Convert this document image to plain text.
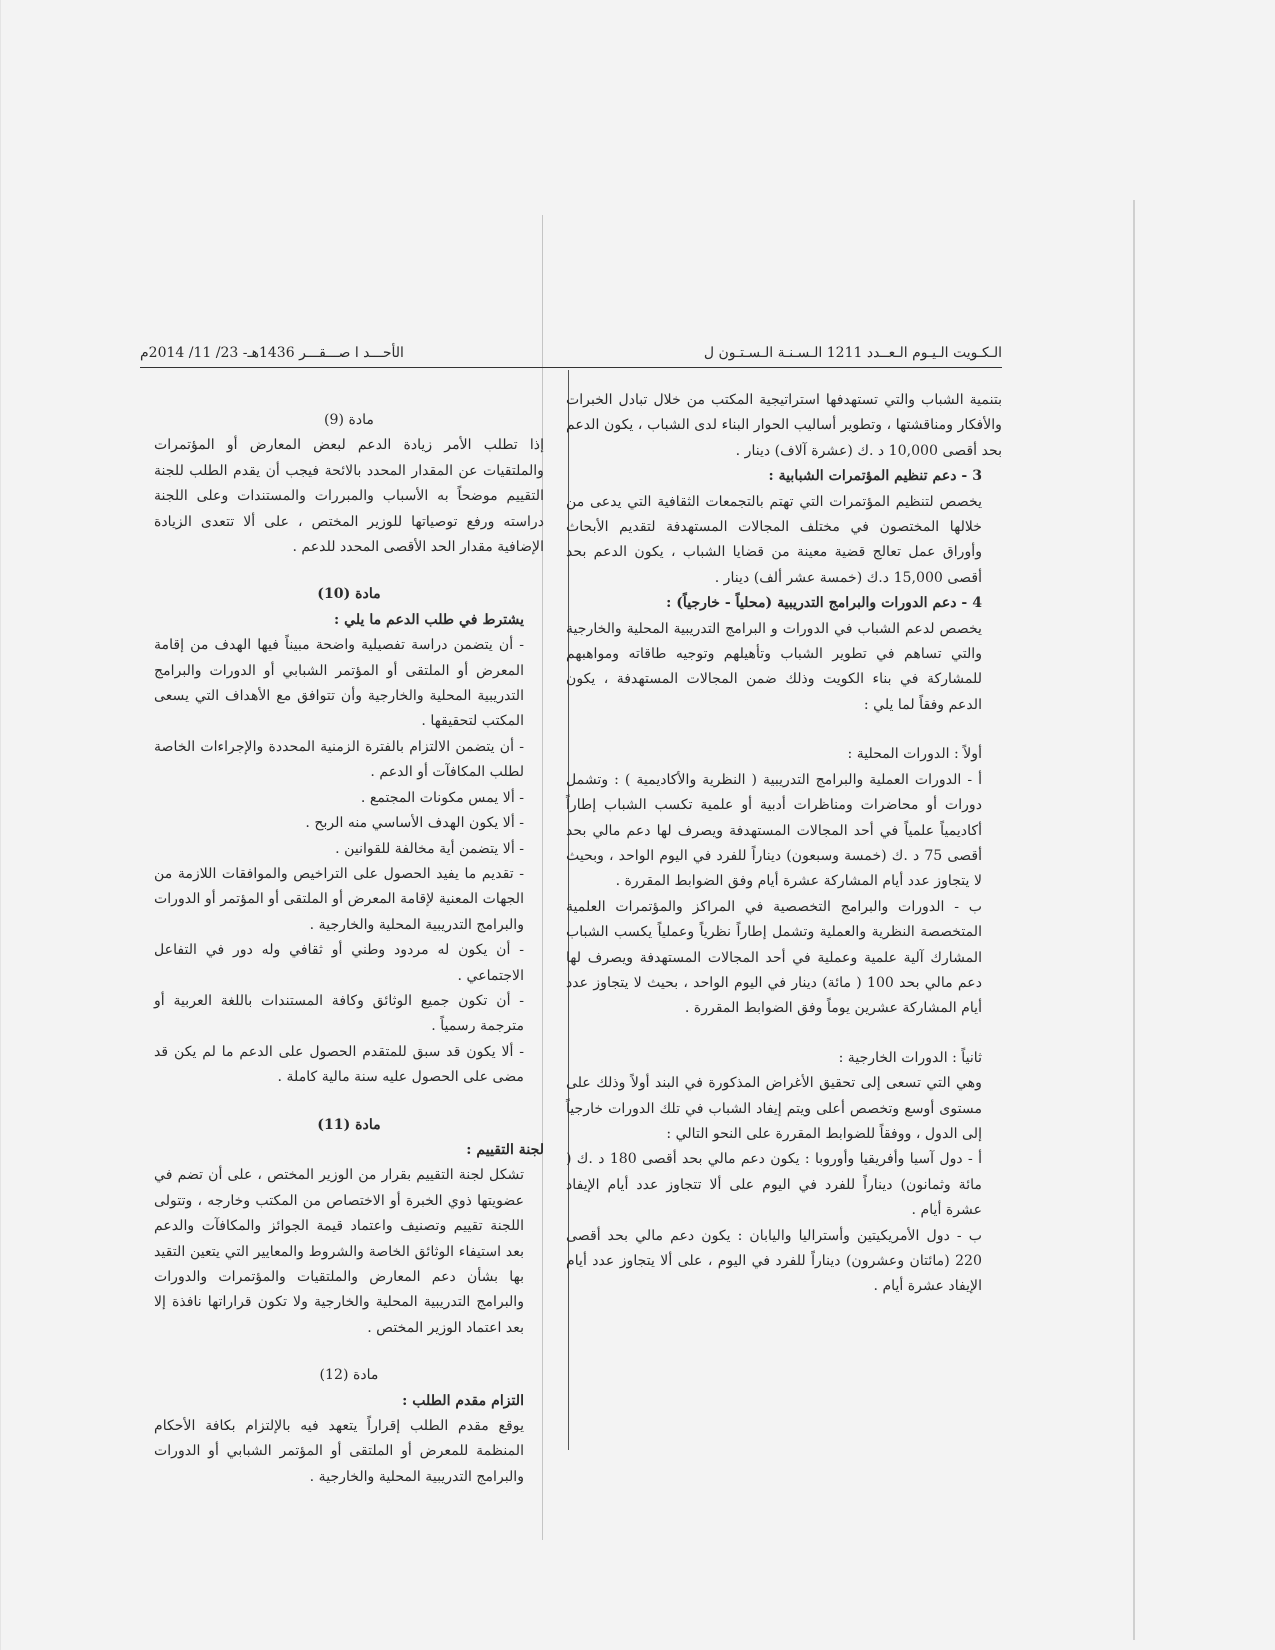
الـكـويت الـيـوم الـعــدد 1211 الـسـنـة الـسـتـون ل
الأحـــد ا صـــقـــر 1436هـ- 23/ 11/ 2014م

بتنمية الشباب والتي تستهدفها استراتيجية المكتب من خلال تبادل الخبرات والأفكار ومناقشتها ، وتطوير أساليب الحوار البناء لدى الشباب ، يكون الدعم بحد أقصى 10,000 د .ك (عشرة آلاف) دينار .

3 - دعم تنظيم المؤتمرات الشبابية :

يخصص لتنظيم المؤتمرات التي تهتم بالتجمعات الثقافية التي يدعى من خلالها المختصون في مختلف المجالات المستهدفة لتقديم الأبحاث وأوراق عمل تعالج قضية معينة من قضايا الشباب ، يكون الدعم بحد أقصى 15,000 د.ك (خمسة عشر ألف) دينار .

4 - دعم الدورات والبرامج التدريبية (محلياً - خارجياً) :

يخصص لدعم الشباب في الدورات و البرامج التدريبية المحلية والخارجية والتي تساهم في تطوير الشباب وتأهيلهم وتوجيه طاقاته ومواهبهم للمشاركة في بناء الكويت وذلك ضمن المجالات المستهدفة ، يكون الدعم وفقاً لما يلي :

أولاً : الدورات المحلية :

أ - الدورات العملية والبرامج التدريبية ( النظرية والأكاديمية ) : وتشمل دورات أو محاضرات ومناظرات أدبية أو علمية تكسب الشباب إطاراً أكاديمياً علمياً في أحد المجالات المستهدفة ويصرف لها دعم مالي بحد أقصى 75 د .ك (خمسة وسبعون) ديناراً للفرد في اليوم الواحد ، وبحيث لا يتجاوز عدد أيام المشاركة عشرة أيام وفق الضوابط المقررة .

ب - الدورات والبرامج التخصصية في المراكز والمؤتمرات العلمية المتخصصة النظرية والعملية وتشمل إطاراً نظرياً وعملياً يكسب الشباب المشارك آلية علمية وعملية في أحد المجالات المستهدفة ويصرف لها دعم مالي بحد 100 ( مائة) دينار في اليوم الواحد ، بحيث لا يتجاوز عدد أيام المشاركة عشرين يوماً وفق الضوابط المقررة .

ثانياً : الدورات الخارجية :

وهي التي تسعى إلى تحقيق الأغراض المذكورة في البند أولاً وذلك على مستوى أوسع وتخصص أعلى ويتم إيفاد الشباب في تلك الدورات خارجياً إلى الدول ، ووفقاً للضوابط المقررة على النحو التالي :

أ - دول آسيا وأفريقيا وأوروبا : يكون دعم مالي بحد أقصى 180 د .ك ( مائة وثمانون) ديناراً للفرد في اليوم على ألا تتجاوز عدد أيام الإيفاد عشرة أيام .

ب - دول الأمريكيتين وأستراليا واليابان : يكون دعم مالي بحد أقصى 220 (مائتان وعشرون) ديناراً للفرد في اليوم ، على ألا يتجاوز عدد أيام الإيفاد عشرة أيام .

مادة (9)

إذا تطلب الأمر زيادة الدعم لبعض المعارض أو المؤتمرات والملتقيات عن المقدار المحدد بالائحة فيجب أن يقدم الطلب للجنة التقييم موضحاً به الأسباب والمبررات والمستندات وعلى اللجنة دراسته ورفع توصياتها للوزير المختص ، على ألا تتعدى الزيادة الإضافية مقدار الحد الأقصى المحدد للدعم .

مادة (10)

يشترط في طلب الدعم ما يلي :

- أن يتضمن دراسة تفصيلية واضحة مبيناً فيها الهدف من إقامة المعرض أو الملتقى أو المؤتمر الشبابي أو الدورات والبرامج التدريبية المحلية والخارجية وأن تتوافق مع الأهداف التي يسعى المكتب لتحقيقها .

- أن يتضمن الالتزام بالفترة الزمنية المحددة والإجراءات الخاصة لطلب المكافآت أو الدعم .

- ألا يمس مكونات المجتمع .

- ألا يكون الهدف الأساسي منه الربح .

- ألا يتضمن أية مخالفة للقوانين .

- تقديم ما يفيد الحصول على التراخيص والموافقات اللازمة من الجهات المعنية لإقامة المعرض أو الملتقى أو المؤتمر أو الدورات والبرامج التدريبية المحلية والخارجية .

- أن يكون له مردود وطني أو ثقافي وله دور في التفاعل الاجتماعي .

- أن تكون جميع الوثائق وكافة المستندات باللغة العربية أو مترجمة رسمياً .

- ألا يكون قد سبق للمتقدم الحصول على الدعم ما لم يكن قد مضى على الحصول عليه سنة مالية كاملة .

مادة (11)

لجنة التقييم :

تشكل لجنة التقييم بقرار من الوزير المختص ، على أن تضم في عضويتها ذوي الخبرة أو الاختصاص من المكتب وخارجه ، وتتولى اللجنة تقييم وتصنيف واعتماد قيمة الجوائز والمكافآت والدعم بعد استيفاء الوثائق الخاصة والشروط والمعايير التي يتعين التقيد بها بشأن دعم المعارض والملتقيات والمؤتمرات والدورات والبرامج التدريبية المحلية والخارجية ولا تكون قراراتها نافذة إلا بعد اعتماد الوزير المختص .

مادة (12)

التزام مقدم الطلب :

يوقع مقدم الطلب إقراراً يتعهد فيه بالإلتزام بكافة الأحكام المنظمة للمعرض أو الملتقى أو المؤتمر الشبابي أو الدورات والبرامج التدريبية المحلية والخارجية .
